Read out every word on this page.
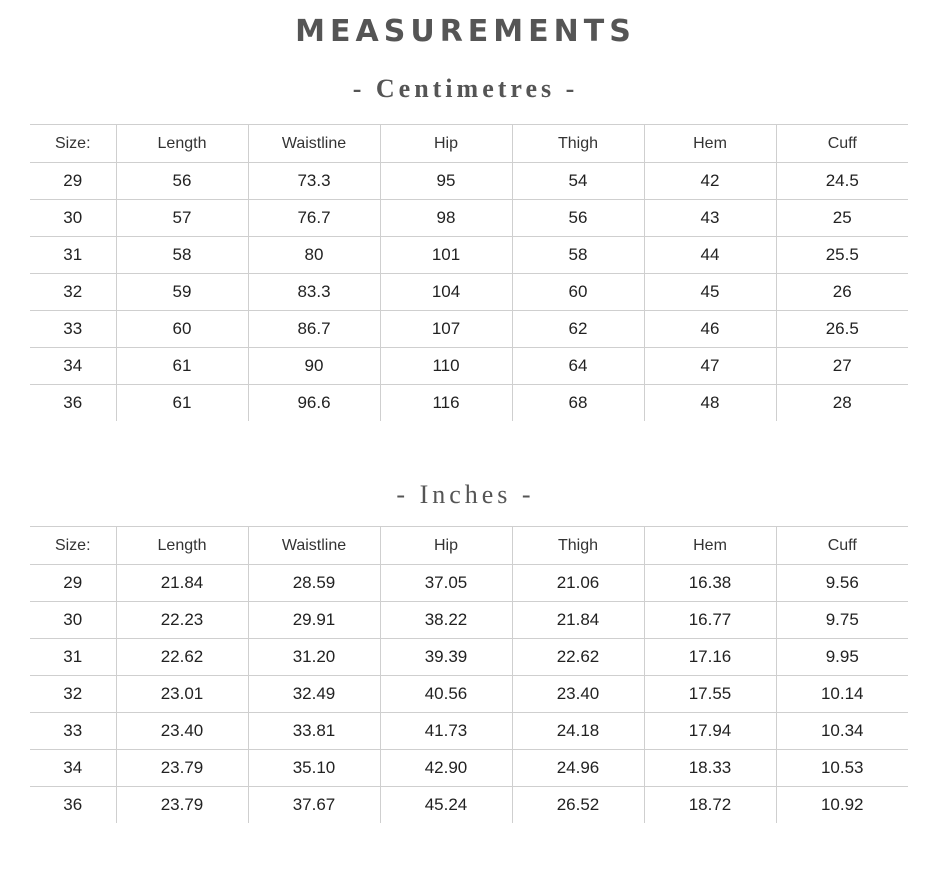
MEASUREMENTS
- Centimetres -
Size:	Length	Waistline	Hip	Thigh	Hem	Cuff
29	56	73.3	95	54	42	24.5
30	57	76.7	98	56	43	25
31	58	80	101	58	44	25.5
32	59	83.3	104	60	45	26
33	60	86.7	107	62	46	26.5
34	61	90	110	64	47	27
36	61	96.6	116	68	48	28
- Inches -
Size:	Length	Waistline	Hip	Thigh	Hem	Cuff
29	21.84	28.59	37.05	21.06	16.38	9.56
30	22.23	29.91	38.22	21.84	16.77	9.75
31	22.62	31.20	39.39	22.62	17.16	9.95
32	23.01	32.49	40.56	23.40	17.55	10.14
33	23.40	33.81	41.73	24.18	17.94	10.34
34	23.79	35.10	42.90	24.96	18.33	10.53
36	23.79	37.67	45.24	26.52	18.72	10.92
